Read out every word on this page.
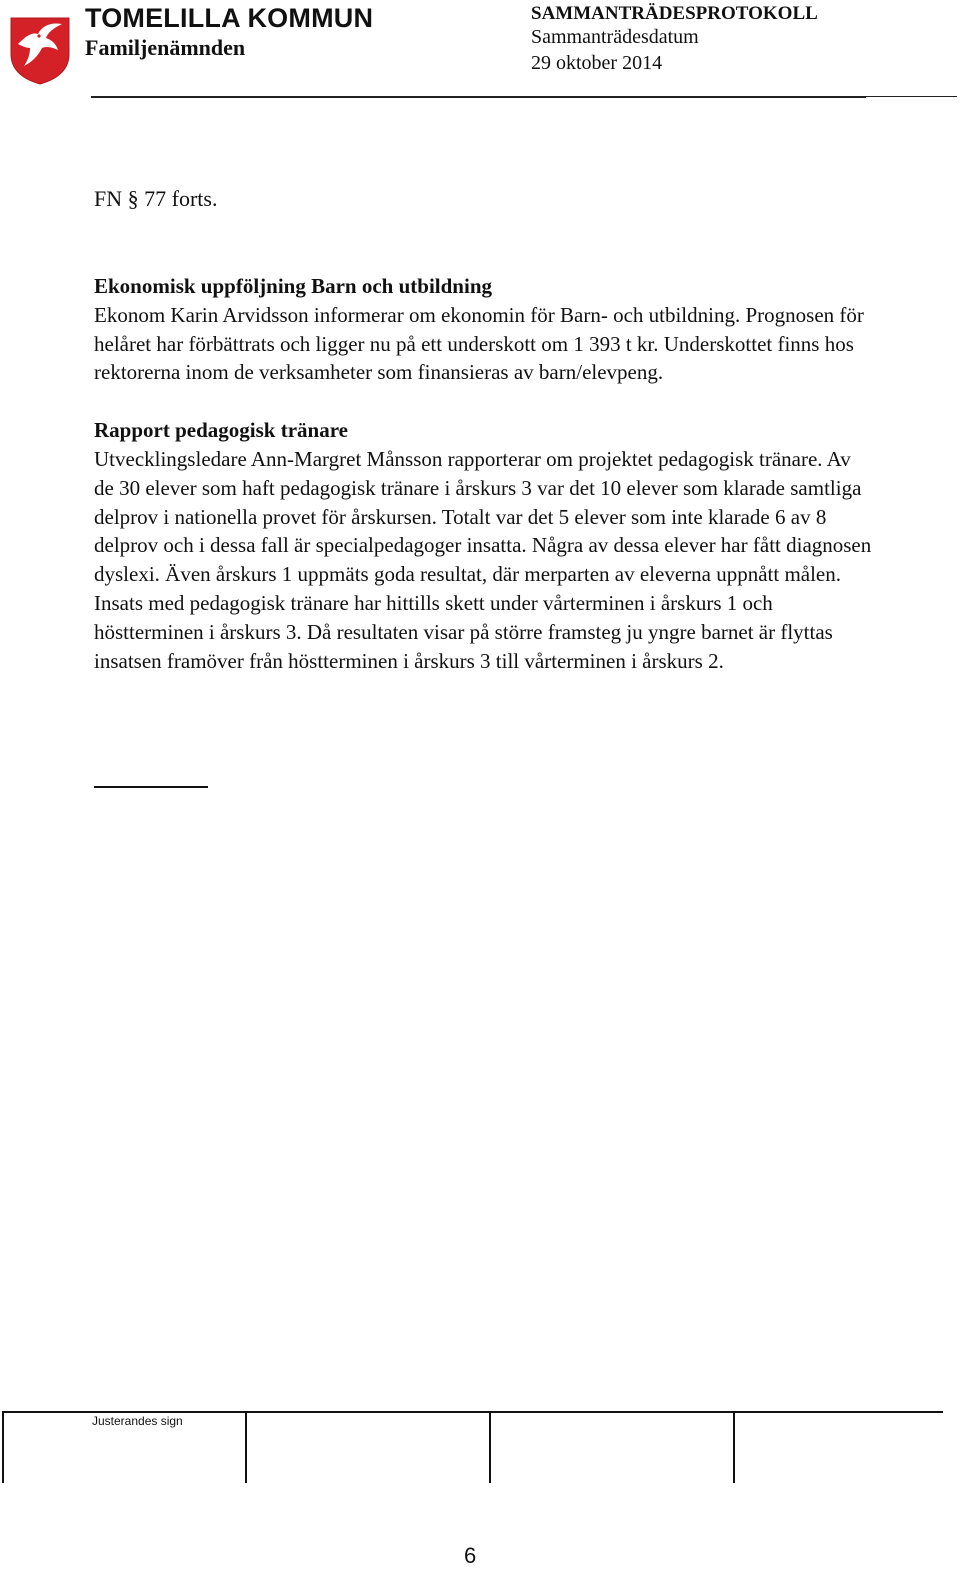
TOMELILLA KOMMUN
Familjenämnden
SAMMANTRÄDESPROTOKOLL
Sammanträdesdatum
29 oktober 2014
FN § 77 forts.

Ekonomisk uppföljning Barn och utbildning

Ekonom Karin Arvidsson informerar om ekonomin för Barn- och utbildning. Prognosen för helåret har förbättrats och ligger nu på ett underskott om 1 393 t kr. Underskottet finns hos rektorerna inom de verksamheter som finansieras av barn/elevpeng.

Rapport pedagogisk tränare

Utvecklingsledare Ann-Margret Månsson rapporterar om projektet pedagogisk tränare. Av de 30 elever som haft pedagogisk tränare i årskurs 3 var det 10 elever som klarade samtliga delprov i nationella provet för årskursen. Totalt var det 5 elever som inte klarade 6 av 8 delprov och i dessa fall är specialpedagoger insatta. Några av dessa elever har fått diagnosen dyslexi. Även årskurs 1 uppmäts goda resultat, där merparten av eleverna uppnått målen. Insats med pedagogisk tränare har hittills skett under vårterminen i årskurs 1 och höstterminen i årskurs 3. Då resultaten visar på större framsteg ju yngre barnet är flyttas insatsen framöver från höstterminen i årskurs 3 till vårterminen i årskurs 2.

Justerandes sign
6
